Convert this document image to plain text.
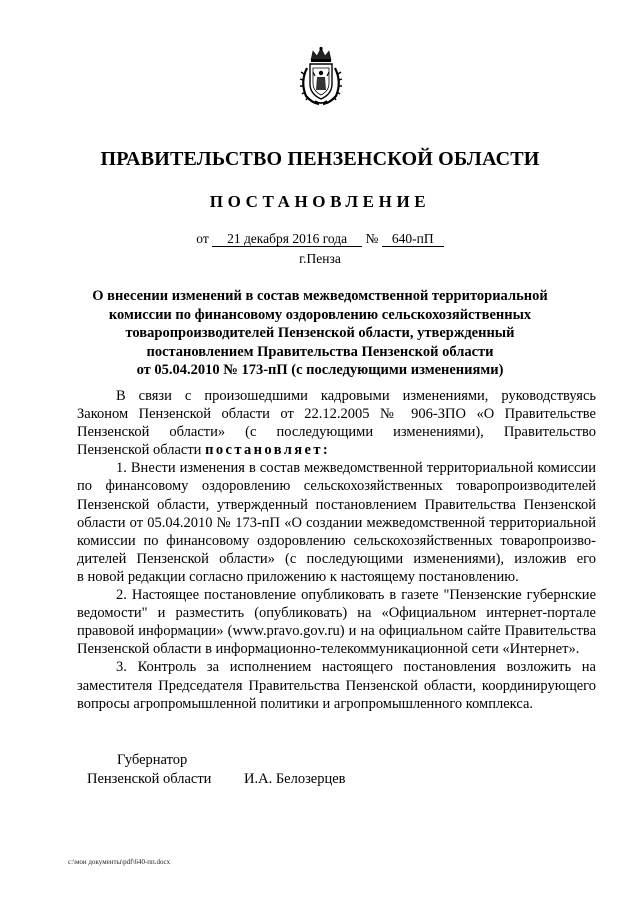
ПРАВИТЕЛЬСТВО ПЕНЗЕНСКОЙ ОБЛАСТИ
ПОСТАНОВЛЕНИЕ
от 21 декабря 2016 года № 640-пП
г.Пенза
О внесении изменений в состав межведомственной территориальной
комиссии по финансовому оздоровлению сельскохозяйственных
товаропроизводителей Пензенской области, утвержденный
постановлением Правительства Пензенской области
от 05.04.2010 № 173-пП (с последующими изменениями)
В связи с произошедшими кадровыми изменениями, руководствуясь
Законом Пензенской области от 22.12.2005 № 906-ЗПО «О Правительстве
Пензенской области» (с последующими изменениями), Правительство
Пензенской области постановляет:
1. Внести изменения в состав межведомственной территориальной комиссии
по финансовому оздоровлению сельскохозяйственных товаропроизводителей
Пензенской области, утвержденный постановлением Правительства Пензенской
области от 05.04.2010 № 173-пП «О создании межведомственной территориальной
комиссии по финансовому оздоровлению сельскохозяйственных товаропроизво-
дителей Пензенской области» (с последующими изменениями), изложив его
в новой редакции согласно приложению к настоящему постановлению.
2. Настоящее постановление опубликовать в газете "Пензенские губернские
ведомости" и разместить (опубликовать) на «Официальном интернет-портале
правовой информации» (www.pravo.gov.ru) и на официальном сайте Правительства
Пензенской области в информационно-телекоммуникационной сети «Интернет».
3. Контроль за исполнением настоящего постановления возложить на
заместителя Председателя Правительства Пензенской области, координирующего
вопросы агропромышленной политики и агропромышленного комплекса.
Губернатор
Пензенской области И.А. Белозерцев
c:\мои документы\pdf\640-пп.docx
